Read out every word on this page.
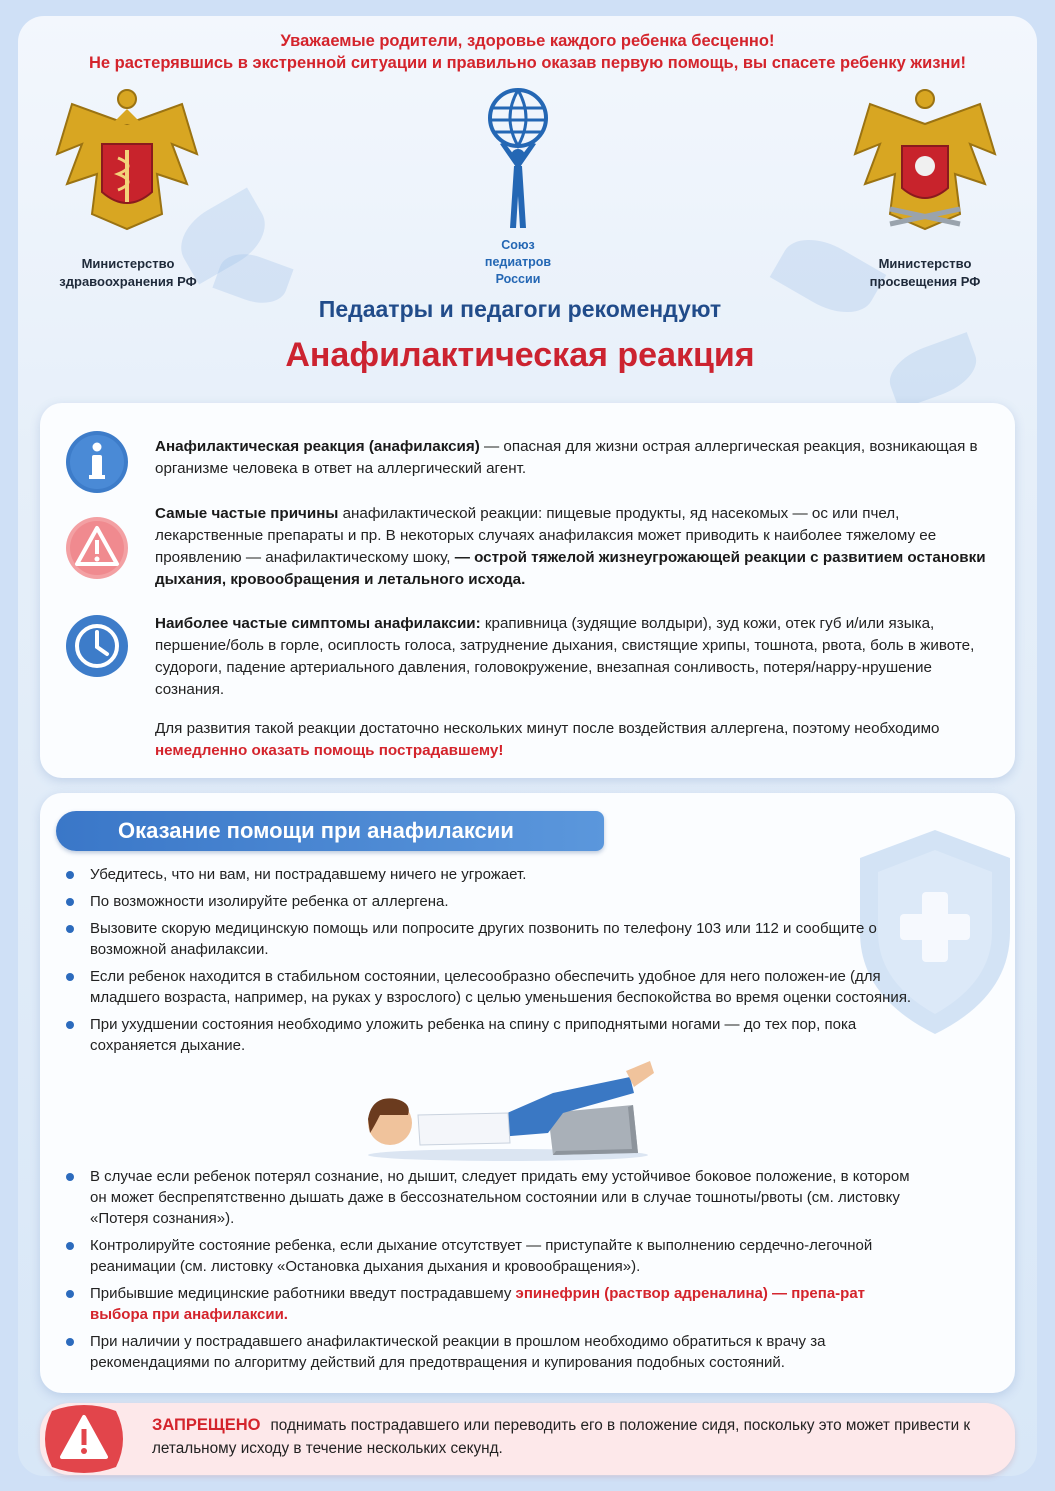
Уважаемые родители, здоровье каждого ребенка бесценно!
Не растерявшись в экстренной ситуации и правильно оказав первую помощь, вы спасете ребенку жизни!
Министерство
здравоохранения РФ
Союз
педиатров
России
Министерство
просвещения РФ
Педаатры и педагоги рекомендуют
Анафилактическая реакция
Анафилактическая реакция (анафилаксия) — опасная для жизни острая аллергическая реакция, возникающая в организме человека в ответ на аллергический агент.
Самые частые причины анафилактической реакции: пищевые продукты, яд насекомых — ос или пчел, лекарственные препараты и пр. В некоторых случаях анафилаксия может приводить к наиболее тяжелому ее проявлению — анафилактическому шоку, — острой тяжелой жизнеугрожающей реакции с развитием остановки дыхания, кровообращения и летального исхода.
Наиболее частые симптомы анафилаксии: крапивница (зудящие волдыри), зуд кожи, отек губ и/или языка, першение/боль в горле, осиплость голоса, затруднение дыхания, свистящие хрипы, тошнота, рвота, боль в животе, судороги, падение артериального давления, головокружение, внезапная сонливость, потеря/нарру-нрушение сознания.
Для развития такой реакции достаточно нескольких минут после воздействия аллергена, поэтому необходимо
немедленно оказать помощь пострадавшему!
Оказание помощи при анафилаксии
Убедитесь, что ни вам, ни пострадавшему ничего не угрожает.
По возможности изолируйте ребенка от аллергена.
Вызовите скорую медицинскую помощь или попросите других позвонить по телефону 103 или 112 и сообщите о возможной анафилаксии.
Если ребенок находится в стабильном состоянии, целесообразно обеспечить удобное для него положен-ие (для младшего возраста, например, на руках у взрослого) с целью уменьшения беспокойства во время оценки состояния.
При ухудшении состояния необходимо уложить ребенка на спину с приподнятыми ногами — до тех пор, пока сохраняется дыхание.
В случае если ребенок потерял сознание, но дышит, следует придать ему устойчивое боковое положение, в котором он может беспрепятственно дышать даже в бессознательном состоянии или в случае тошноты/рвоты (см. листовку «Потеря сознания»).
Контролируйте состояние ребенка, если дыхание отсутствует — приступайте к выполнению сердечно-легочной реанимации (см. листовку «Остановка дыхания дыхания и кровообращения»).
Прибывшие медицинские работники введут пострадавшему эпинефрин (раствор адреналина) — препа-рат выбора при анафилаксии.
При наличии у пострадавшего анафилактической реакции в прошлом необходимо обратиться к врачу за рекомендациями по алгоритму действий для предотвращения и купирования подобных состояний.
ЗАПРЕЩЕНО поднимать пострадавшего или переводить его в положение сидя, поскольку это может привести к летальному исходу в течение нескольких секунд.
